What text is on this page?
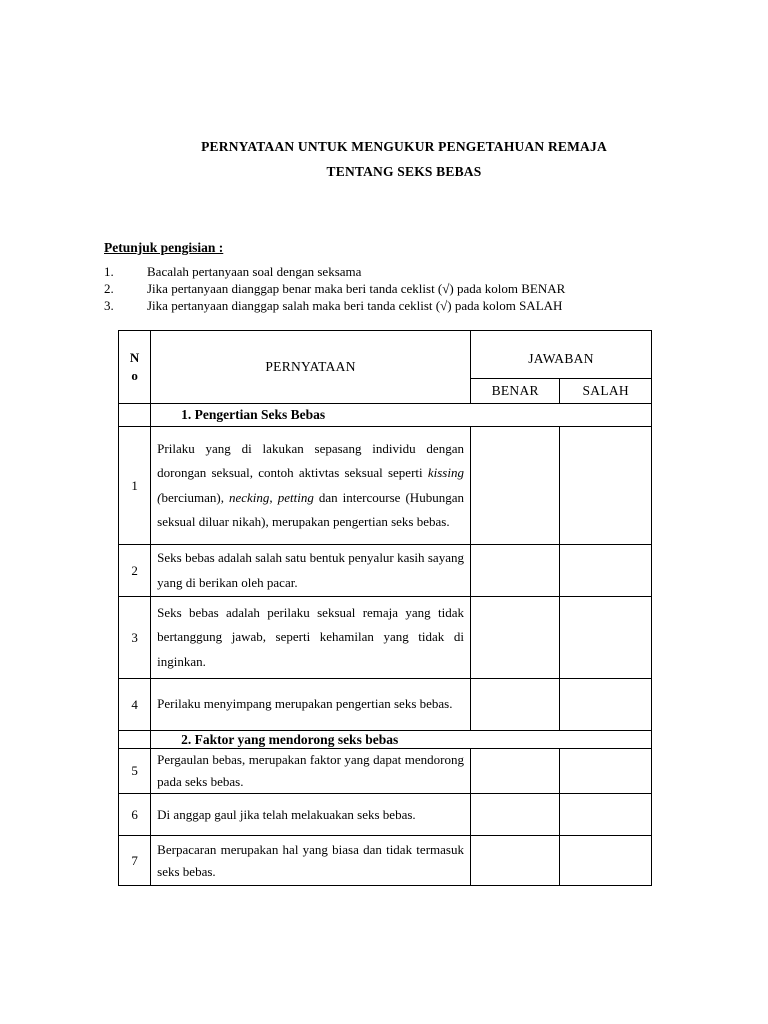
PERNYATAAN UNTUK MENGUKUR PENGETAHUAN REMAJA
TENTANG SEKS BEBAS
Petunjuk pengisian :
1.	Bacalah pertanyaan soal dengan seksama
2.	Jika pertanyaan dianggap benar maka beri tanda ceklist (√) pada kolom BENAR
3.	Jika pertanyaan dianggap salah maka beri tanda ceklist (√) pada kolom SALAH
N
o	PERNYATAAN	JAWABAN	
		BENAR	SALAH
	1. Pengertian Seks Bebas		
1	Prilaku yang di lakukan sepasang individu dengan dorongan seksual, contoh aktivtas seksual seperti kissing (berciuman), necking, petting dan intercourse (Hubungan seksual diluar nikah), merupakan pengertian seks bebas.		
2	Seks bebas adalah salah satu bentuk penyalur kasih sayang yang di berikan oleh pacar.		
3	Seks bebas adalah perilaku seksual remaja yang tidak bertanggung jawab, seperti kehamilan yang tidak di inginkan.		
4	Perilaku menyimpang merupakan pengertian seks bebas.		
	2. Faktor yang mendorong seks bebas		
5	Pergaulan bebas, merupakan faktor yang dapat mendorong pada seks bebas.		
6	Di anggap gaul jika telah melakuakan seks bebas.		
7	Berpacaran merupakan hal yang biasa dan tidak termasuk seks bebas.		
